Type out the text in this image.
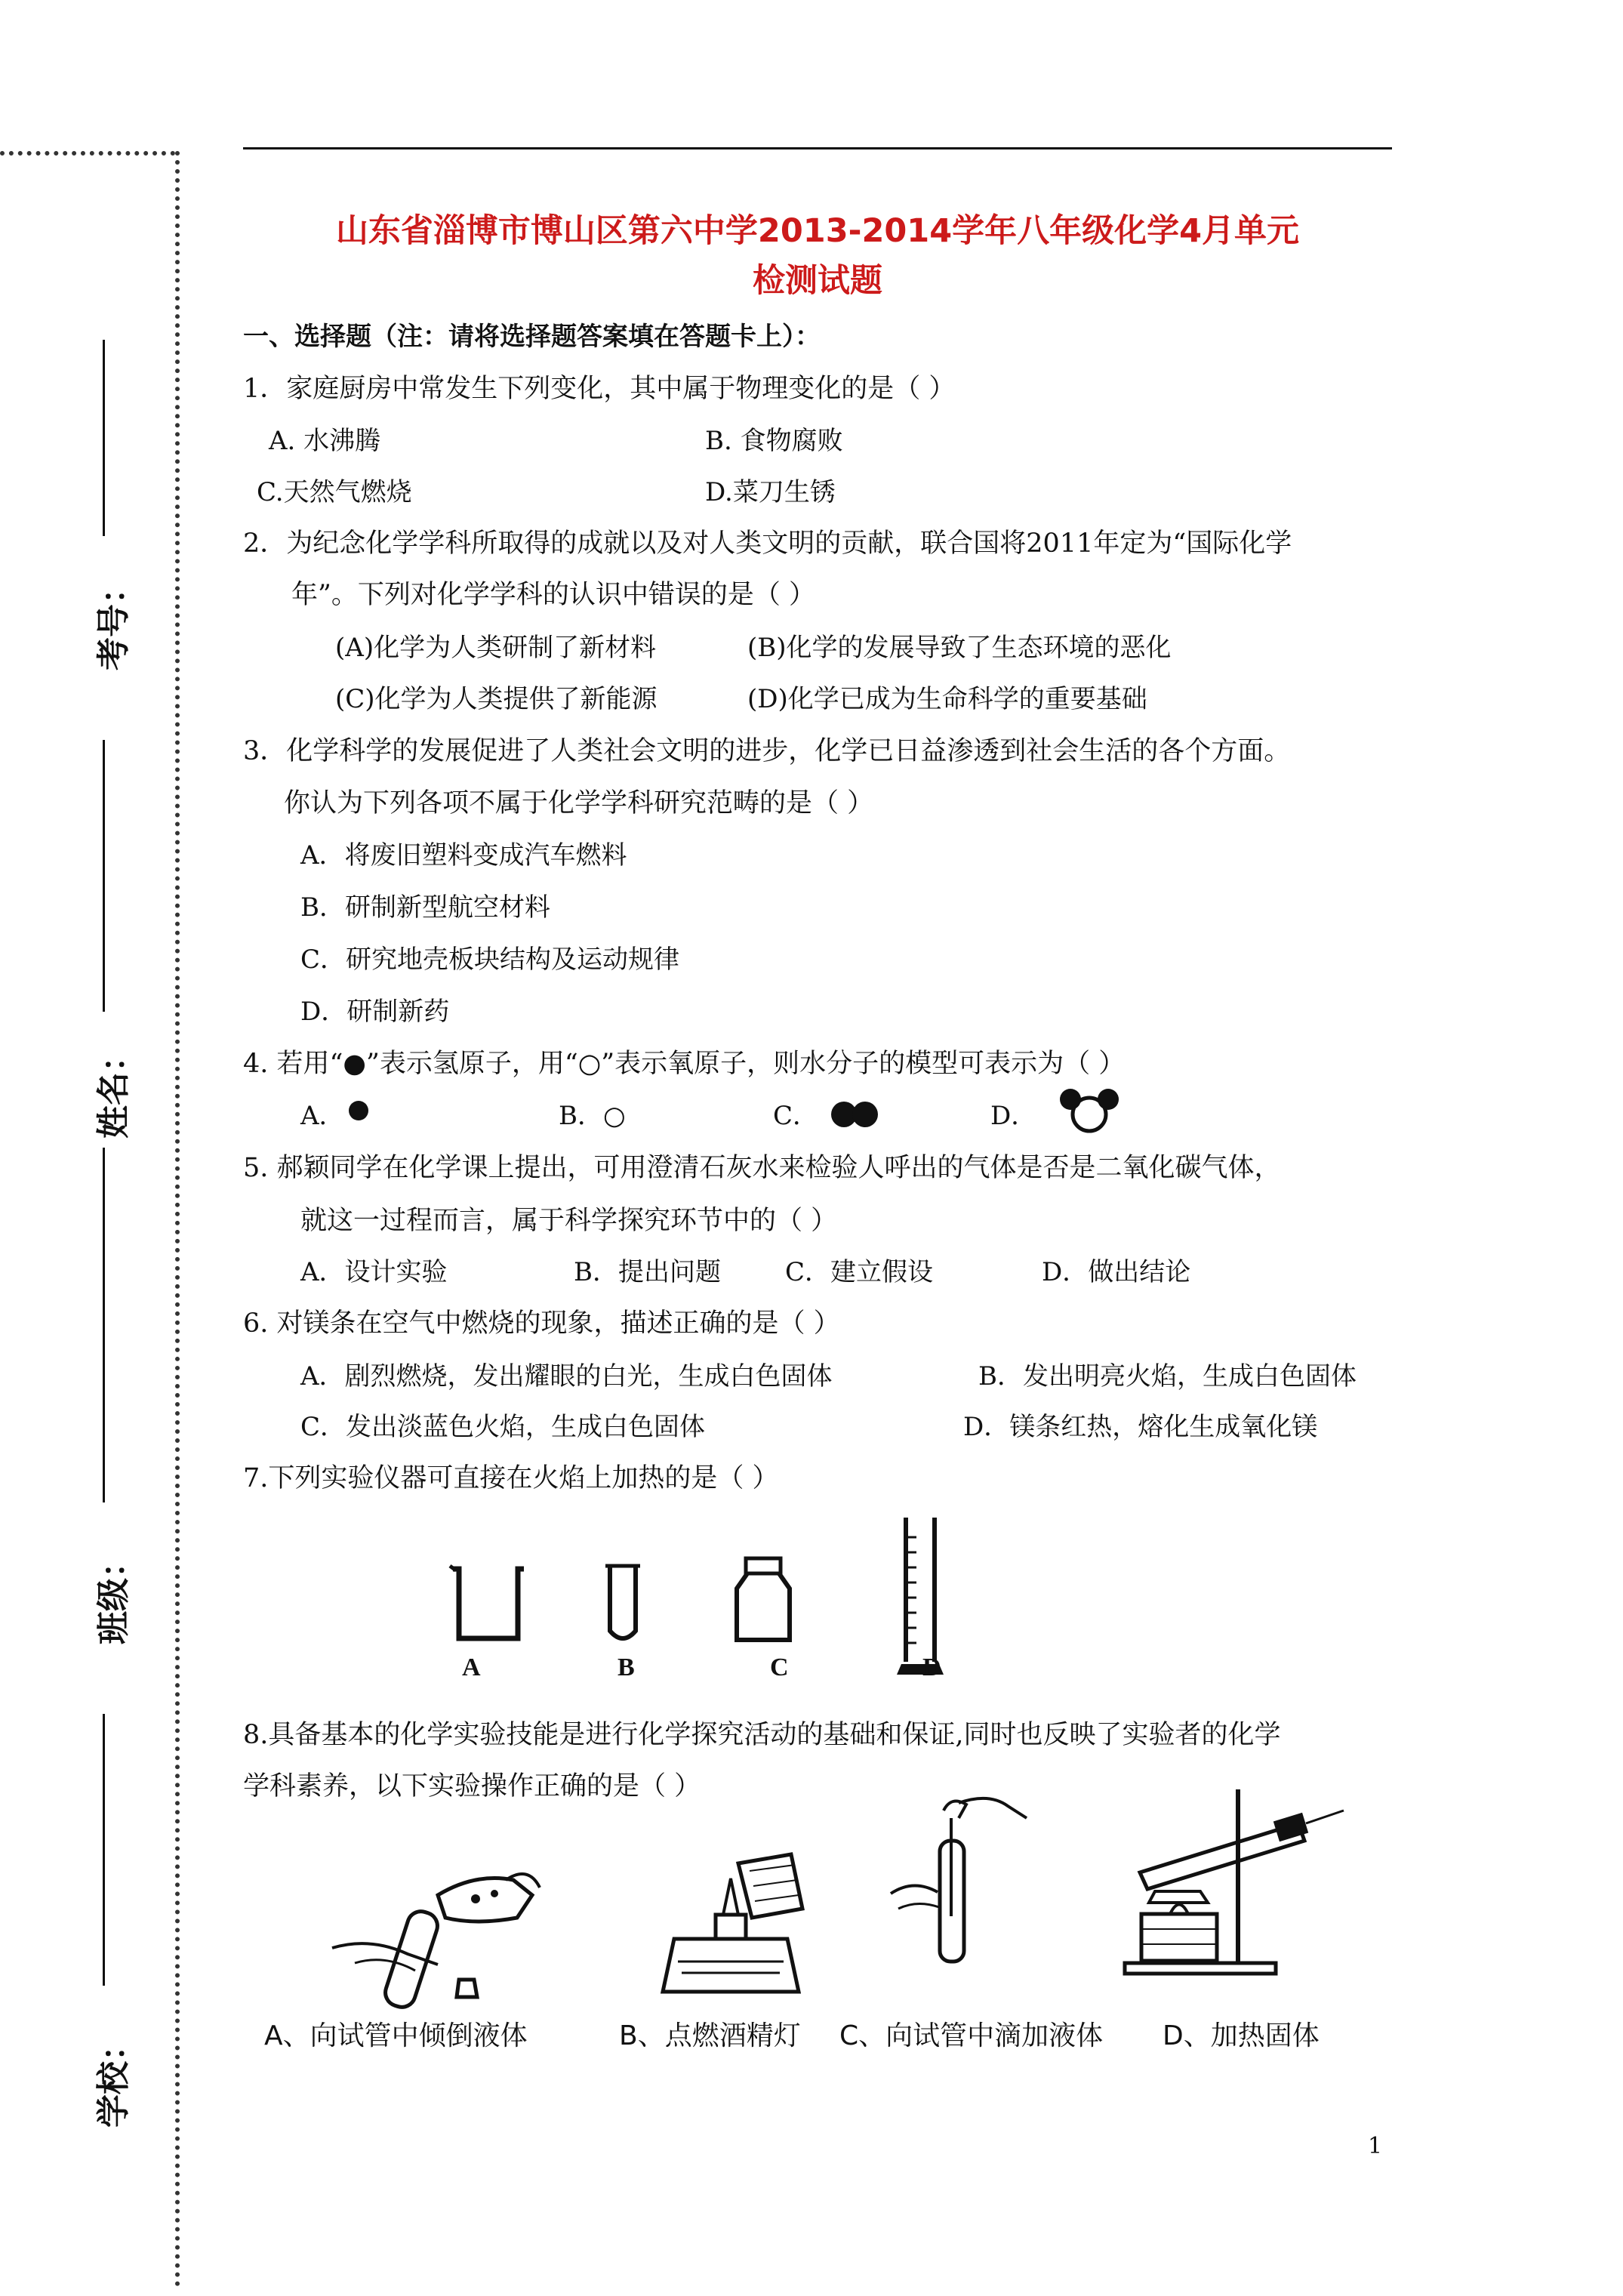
考号：
姓名：
班级：
学校：
山东省淄博市博山区第六中学2013-2014学年八年级化学4月单元
检测试题
一、选择题（注：请将选择题答案填在答题卡上）：
1．家庭厨房中常发生下列变化，其中属于物理变化的是（ ）
A. 水沸腾	B. 食物腐败
C.天然气燃烧	D.菜刀生锈
2．为纪念化学学科所取得的成就以及对人类文明的贡献，联合国将2011年定为“国际化学
年”。下列对化学学科的认识中错误的是（ ）
(A)化学为人类研制了新材料	(B)化学的发展导致了生态环境的恶化
(C)化学为人类提供了新能源	(D)化学已成为生命科学的重要基础
3．化学科学的发展促进了人类社会文明的进步，化学已日益渗透到社会生活的各个方面。
你认为下列各项不属于化学学科研究范畴的是（ ）
A．将废旧塑料变成汽车燃料
B．研制新型航空材料
C．研究地壳板块结构及运动规律
D．研制新药
4. 若用“●”表示氢原子，用“○”表示氧原子，则水分子的模型可表示为（ ）
A．	B．○	C．	D．
5. 郝颖同学在化学课上提出，可用澄清石灰水来检验人呼出的气体是否是二氧化碳气体，
就这一过程而言，属于科学探究环节中的（ ）
A．设计实验	B．提出问题	C．建立假设	D．做出结论
6. 对镁条在空气中燃烧的现象，描述正确的是（ ）
A．剧烈燃烧，发出耀眼的白光，生成白色固体	B．发出明亮火焰，生成白色固体
C．发出淡蓝色火焰，生成白色固体	D．镁条红热，熔化生成氧化镁
7.下列实验仪器可直接在火焰上加热的是（ ）
A	B	C	D
8.具备基本的化学实验技能是进行化学探究活动的基础和保证,同时也反映了实验者的化学
学科素养，以下实验操作正确的是（ ）
A、向试管中倾倒液体	B、点燃酒精灯 C、向试管中滴加液体 D、加热固体
1
